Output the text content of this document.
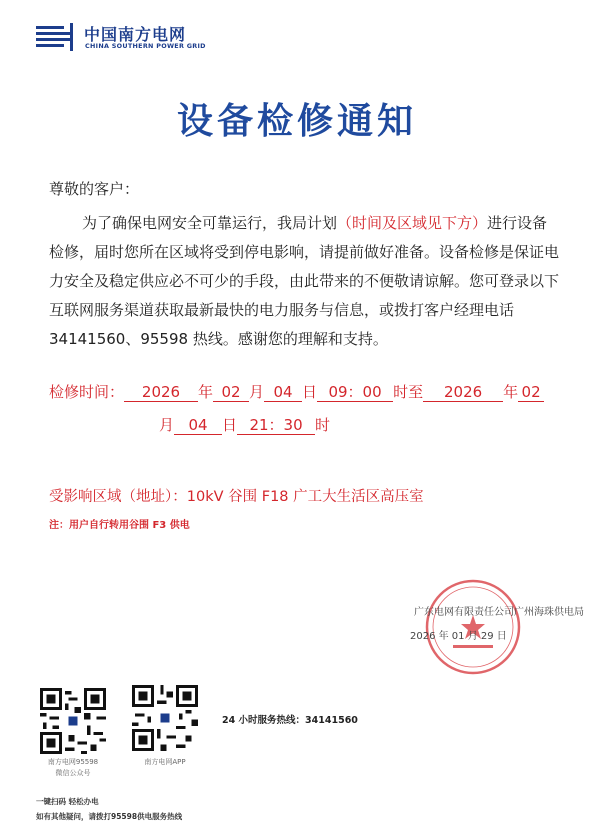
中国南方电网
CHINA SOUTHERN POWER GRID
设备检修通知
尊敬的客户：

为了确保电网安全可靠运行，我局计划（时间及区域见下方）进行设备检修，届时您所在区域将受到停电影响，请提前做好准备。设备检修是保证电力安全及稳定供应必不可少的手段，由此带来的不便敬请谅解。您可登录以下互联网服务渠道获取最新最快的电力服务与信息，或拨打客户经理电话 34141560、95598 热线。感谢您的理解和支持。

检修时间： 2026 年 02 月 04 日 09：00 时至 2026 年 02
月 04 日 21：30 时
受影响区域（地址）：10kV 谷围 F18 广工大生活区高压室
注：用户自行转用谷围 F3 供电
广东电网有限责任公司广州海珠供电局
2026 年 01 月 29 日
南方电网95598
微信公众号
南方电网APP
24 小时服务热线：34141560
一键扫码 轻松办电
如有其他疑问，请拨打95598供电服务热线
